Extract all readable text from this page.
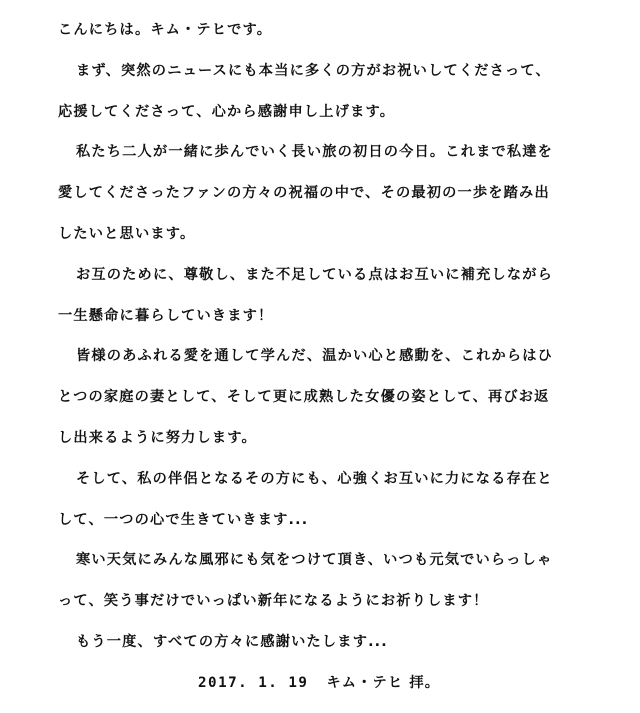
こんにちは。キム・テヒです。
まず、突然のニュースにも本当に多くの方がお祝いしてくださって、
応援してくださって、心から感謝申し上げます。
私たち二人が一緒に歩んでいく長い旅の初日の今日。これまで私達を
愛してくださったファンの方々の祝福の中で、その最初の一歩を踏み出
したいと思います。
お互のために、尊敬し、また不足している点はお互いに補充しながら
一生懸命に暮らしていきます！
皆様のあふれる愛を通して学んだ、温かい心と感動を、これからはひ
とつの家庭の妻として、そして更に成熟した女優の姿として、再びお返
し出来るように努力します。
そして、私の伴侶となるその方にも、心強くお互いに力になる存在と
して、一つの心で生きていきます...
寒い天気にみんな風邪にも気をつけて頂き、いつも元気でいらっしゃ
って、笑う事だけでいっぱい新年になるようにお祈りします！
もう一度、すべての方々に感謝いたします...
2017. 1. 19 キム・テヒ 拝。
